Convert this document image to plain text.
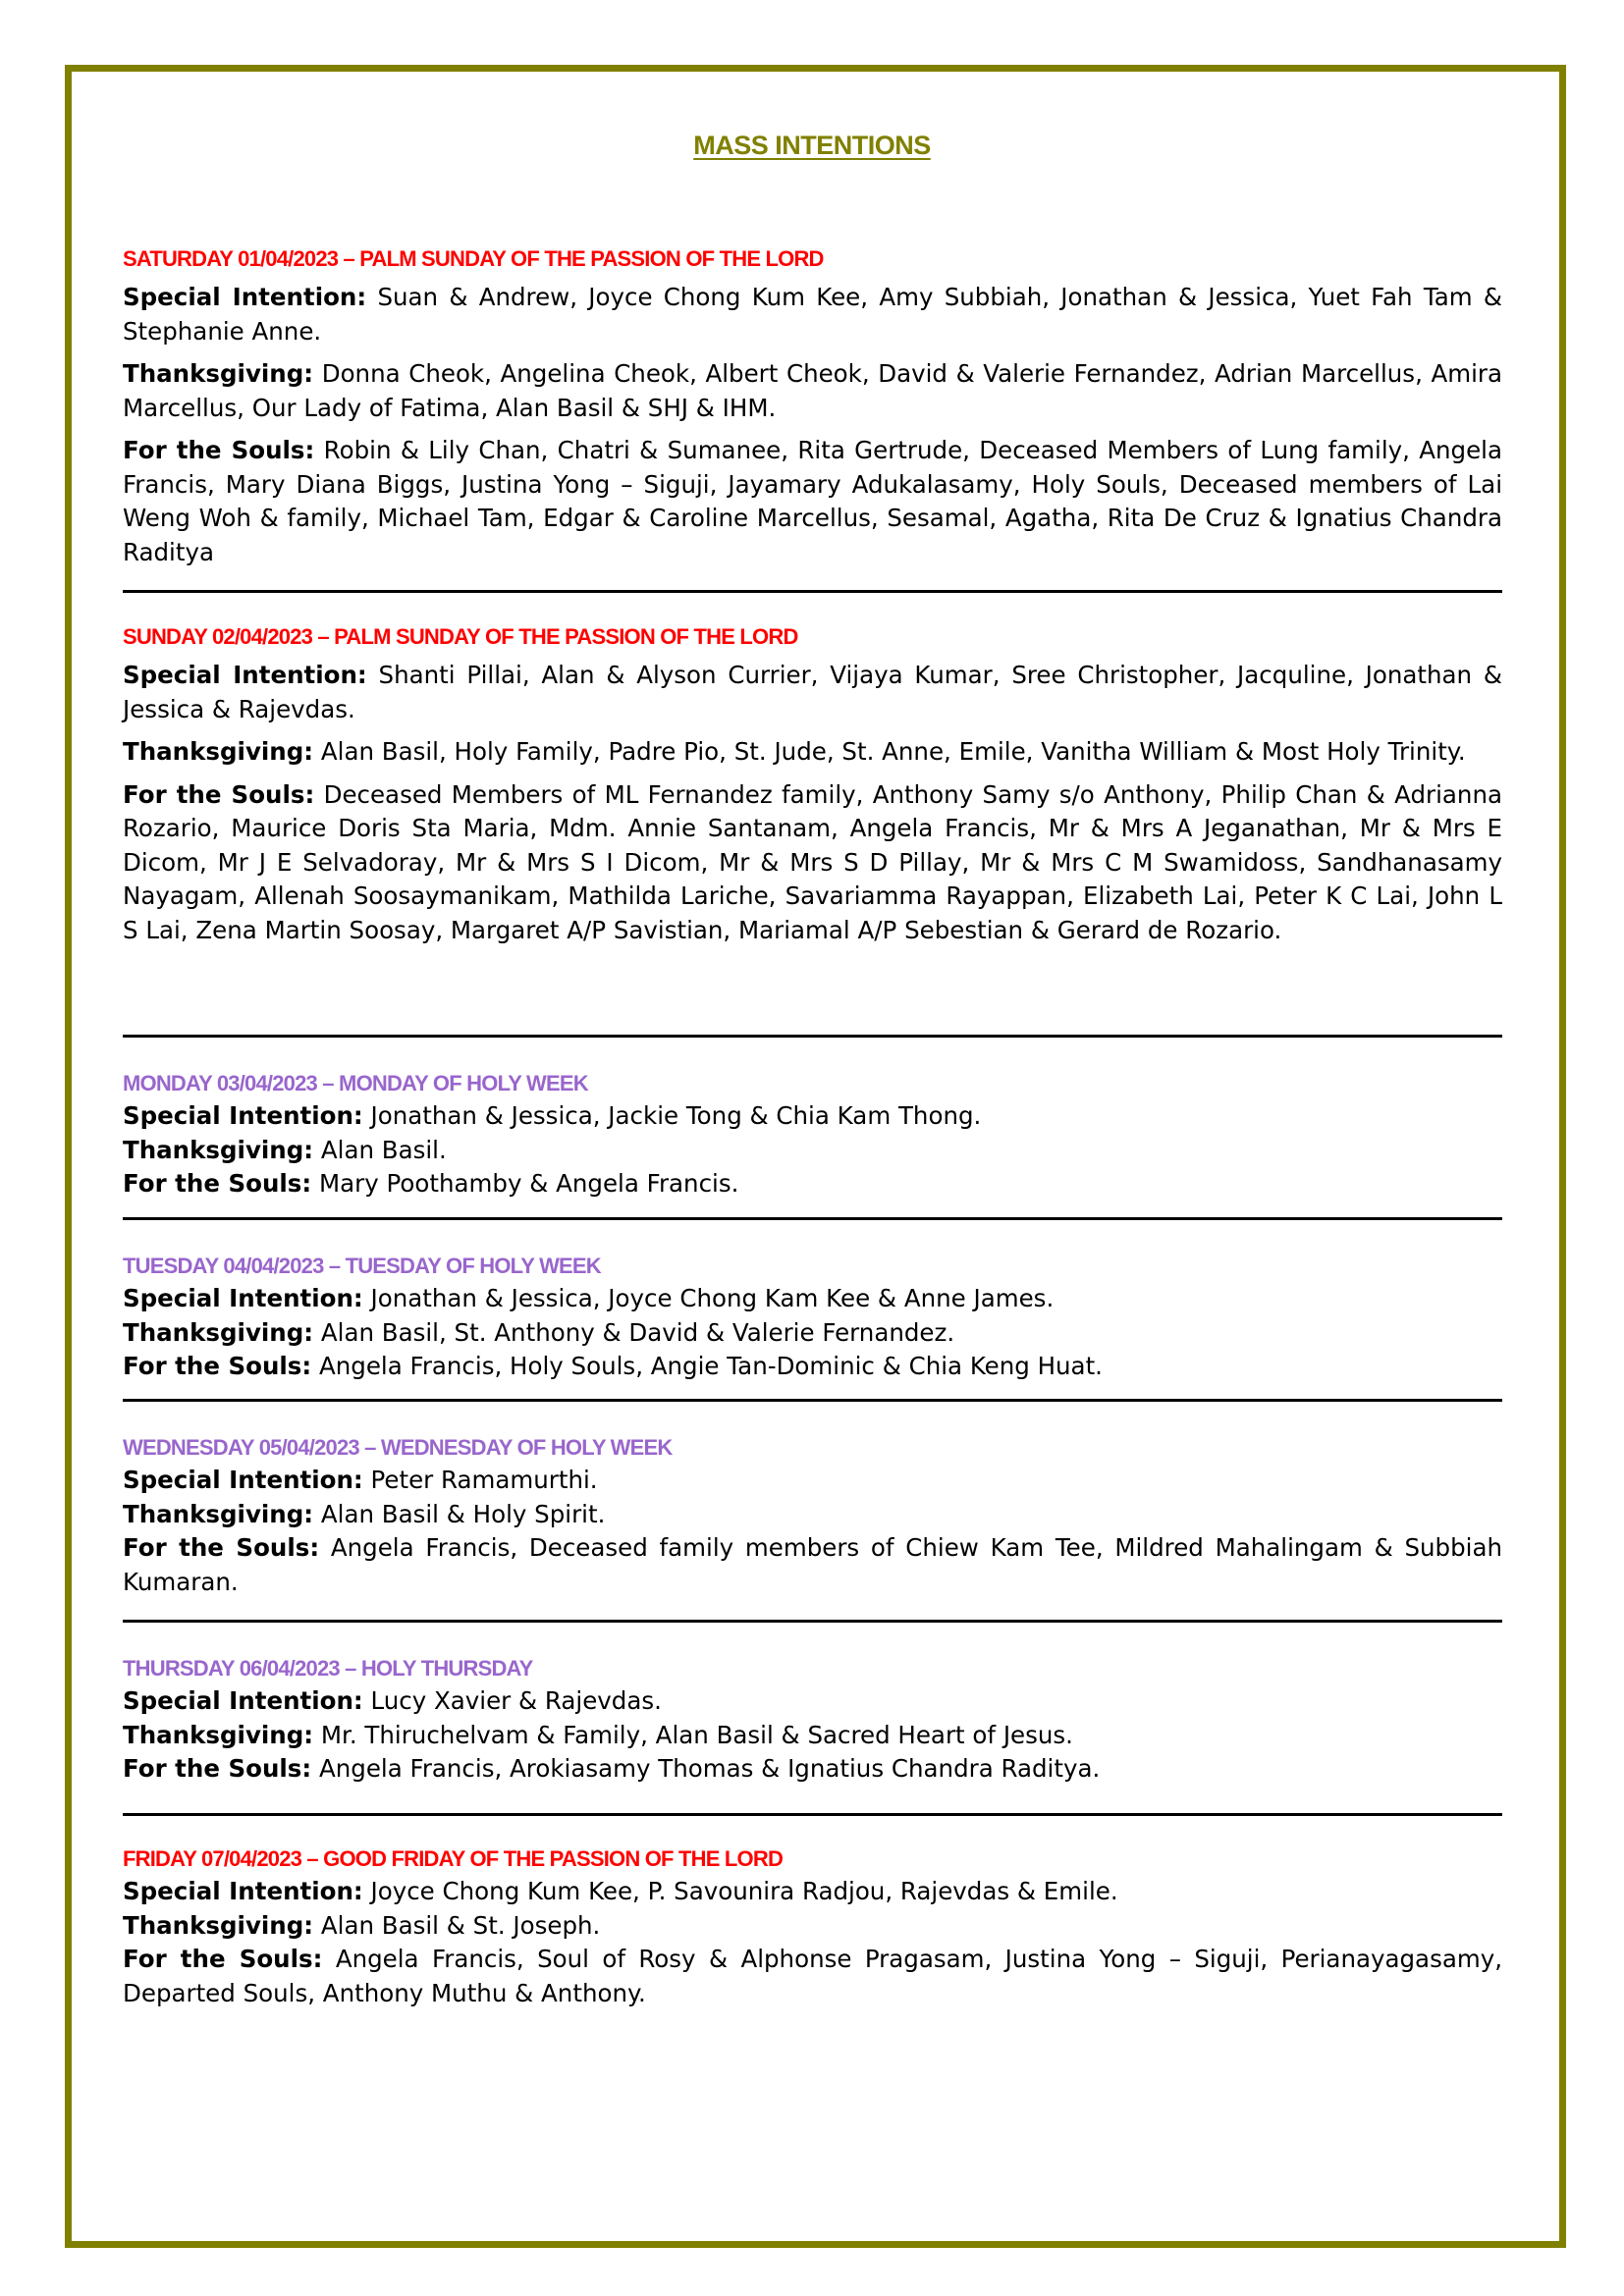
MASS INTENTIONS
SATURDAY 01/04/2023 – PALM SUNDAY OF THE PASSION OF THE LORD

Special Intention: Suan & Andrew, Joyce Chong Kum Kee, Amy Subbiah, Jonathan & Jessica, Yuet Fah Tam & Stephanie Anne.

Thanksgiving: Donna Cheok, Angelina Cheok, Albert Cheok, David & Valerie Fernandez, Adrian Marcellus, Amira Marcellus, Our Lady of Fatima, Alan Basil & SHJ & IHM.

For the Souls: Robin & Lily Chan, Chatri & Sumanee, Rita Gertrude, Deceased Members of Lung family, Angela Francis, Mary Diana Biggs, Justina Yong – Siguji, Jayamary Adukalasamy, Holy Souls, Deceased members of Lai Weng Woh & family, Michael Tam, Edgar & Caroline Marcellus, Sesamal, Agatha, Rita De Cruz & Ignatius Chandra Raditya

SUNDAY 02/04/2023 – PALM SUNDAY OF THE PASSION OF THE LORD

Special Intention: Shanti Pillai, Alan & Alyson Currier, Vijaya Kumar, Sree Christopher, Jacquline, Jonathan & Jessica & Rajevdas.

Thanksgiving: Alan Basil, Holy Family, Padre Pio, St. Jude, St. Anne, Emile, Vanitha William & Most Holy Trinity.

For the Souls: Deceased Members of ML Fernandez family, Anthony Samy s/o Anthony, Philip Chan & Adrianna Rozario, Maurice Doris Sta Maria, Mdm. Annie Santanam, Angela Francis, Mr & Mrs A Jeganathan, Mr & Mrs E Dicom, Mr J E Selvadoray, Mr & Mrs S I Dicom, Mr & Mrs S D Pillay, Mr & Mrs C M Swamidoss, Sandhanasamy Nayagam, Allenah Soosaymanikam, Mathilda Lariche, Savariamma Rayappan, Elizabeth Lai, Peter K C Lai, John L S Lai, Zena Martin Soosay, Margaret A/P Savistian, Mariamal A/P Sebestian & Gerard de Rozario.

MONDAY 03/04/2023 – MONDAY OF HOLY WEEK

Special Intention: Jonathan & Jessica, Jackie Tong & Chia Kam Thong.

Thanksgiving: Alan Basil.

For the Souls: Mary Poothamby & Angela Francis.

TUESDAY 04/04/2023 – TUESDAY OF HOLY WEEK

Special Intention: Jonathan & Jessica, Joyce Chong Kam Kee & Anne James.

Thanksgiving: Alan Basil, St. Anthony & David & Valerie Fernandez.

For the Souls: Angela Francis, Holy Souls, Angie Tan-Dominic & Chia Keng Huat.

WEDNESDAY 05/04/2023 – WEDNESDAY OF HOLY WEEK

Special Intention: Peter Ramamurthi.

Thanksgiving: Alan Basil & Holy Spirit.

For the Souls: Angela Francis, Deceased family members of Chiew Kam Tee, Mildred Mahalingam & Subbiah Kumaran.

THURSDAY 06/04/2023 – HOLY THURSDAY

Special Intention: Lucy Xavier & Rajevdas.

Thanksgiving: Mr. Thiruchelvam & Family, Alan Basil & Sacred Heart of Jesus.

For the Souls: Angela Francis, Arokiasamy Thomas & Ignatius Chandra Raditya.

FRIDAY 07/04/2023 – GOOD FRIDAY OF THE PASSION OF THE LORD

Special Intention: Joyce Chong Kum Kee, P. Savounira Radjou, Rajevdas & Emile.

Thanksgiving: Alan Basil & St. Joseph.

For the Souls: Angela Francis, Soul of Rosy & Alphonse Pragasam, Justina Yong – Siguji, Perianayagasamy, Departed Souls, Anthony Muthu & Anthony.
